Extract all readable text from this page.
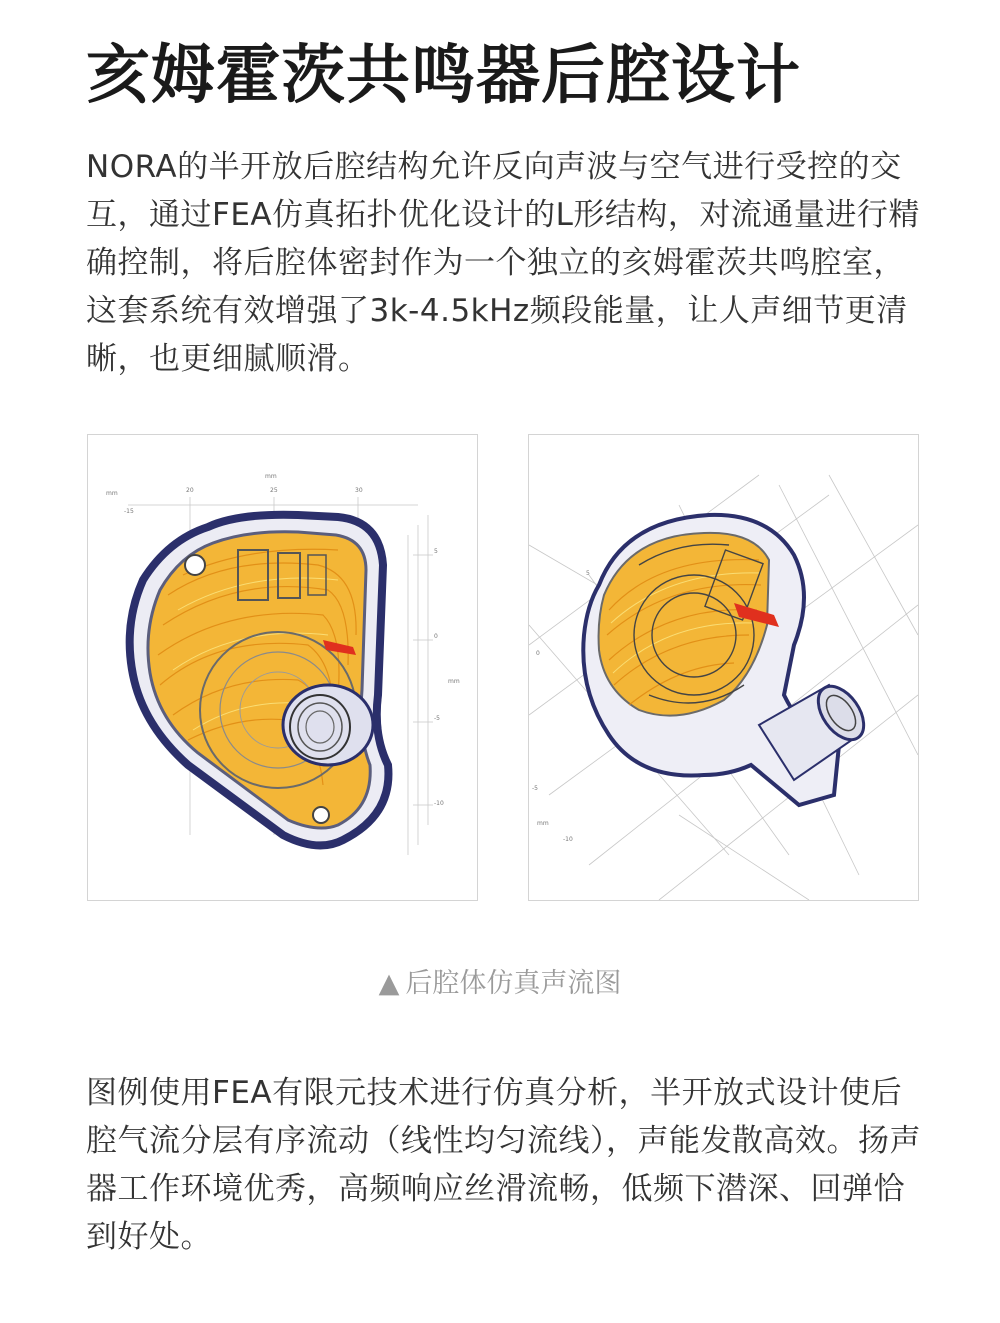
亥姆霍茨共鸣器后腔设计
NORA的半开放后腔结构允许反向声波与空气进行受控的交互，通过FEA仿真拓扑优化设计的L形结构，对流通量进行精确控制，将后腔体密封作为一个独立的亥姆霍茨共鸣腔室，这套系统有效增强了3k-4.5kHz频段能量，让人声细节更清晰，也更细腻顺滑。
mm
-15
20	25	30
mm
5
0
mm
-5
-10
5
0
-5
mm
-10
▲ 后腔体仿真声流图
图例使用FEA有限元技术进行仿真分析，半开放式设计使后腔气流分层有序流动（线性均匀流线），声能发散高效。扬声器工作环境优秀，高频响应丝滑流畅，低频下潜深、回弹恰到好处。
